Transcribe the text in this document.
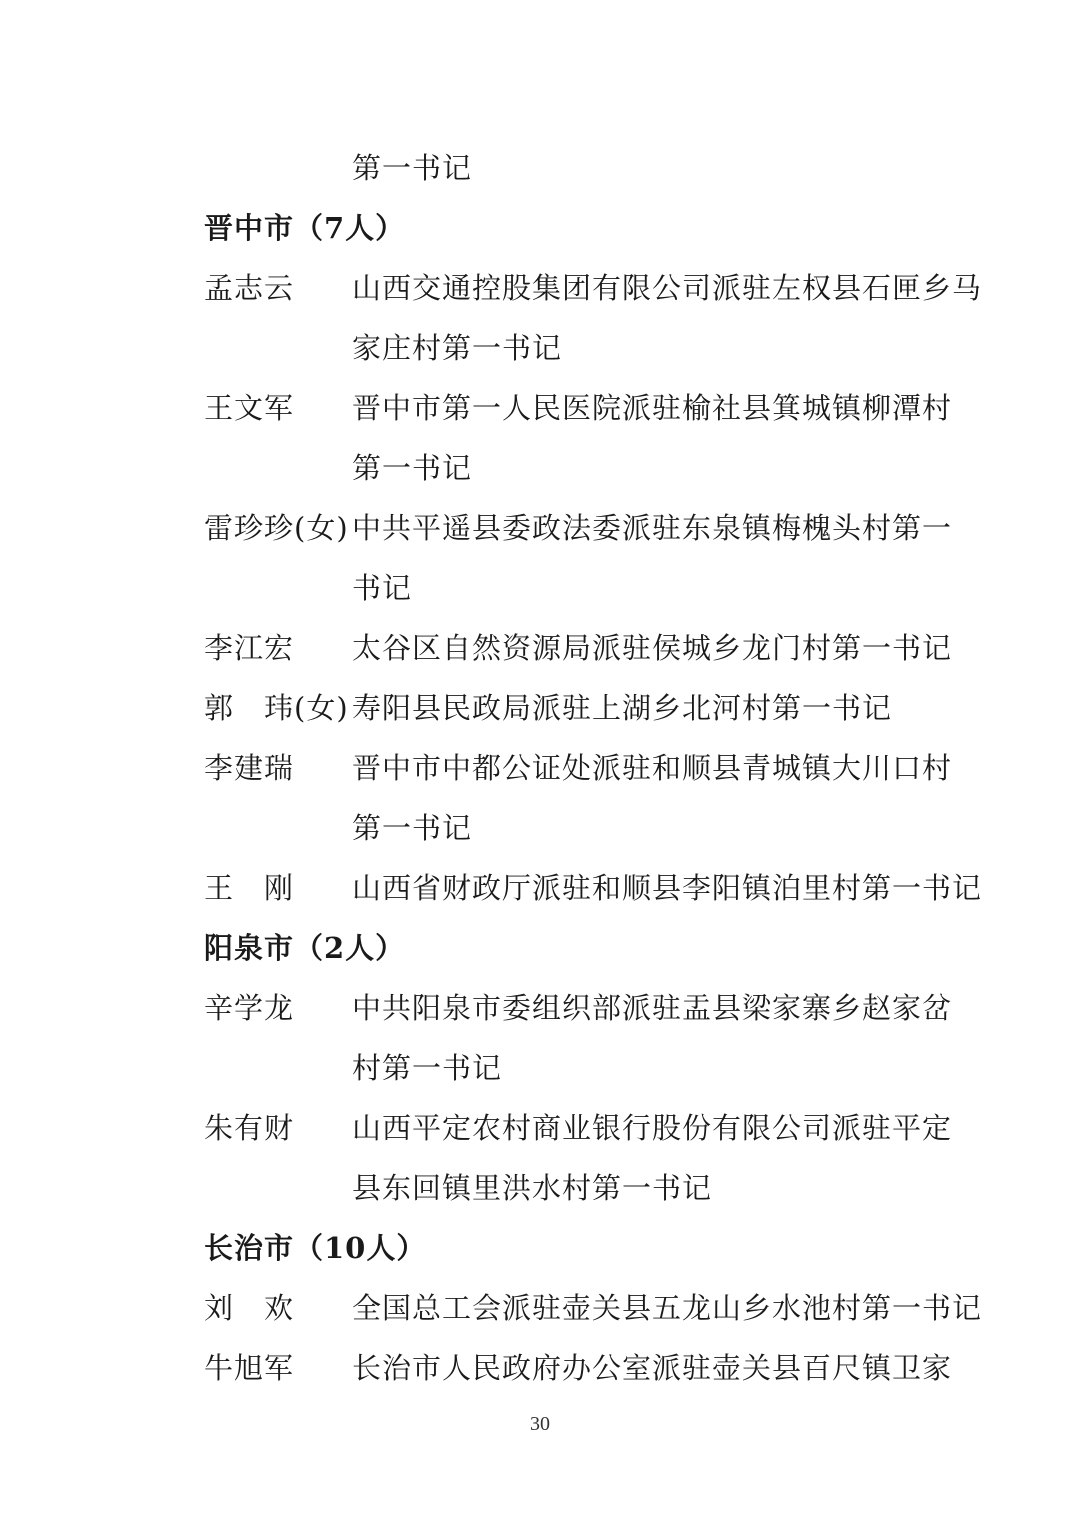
第一书记
晋中市（7人）
孟志云	山西交通控股集团有限公司派驻左权县石匣乡马
家庄村第一书记
王文军	晋中市第一人民医院派驻榆社县箕城镇柳潭村
第一书记
雷珍珍(女) 中共平遥县委政法委派驻东泉镇梅槐头村第一
书记
李江宏	太谷区自然资源局派驻侯城乡龙门村第一书记
郭　玮(女) 寿阳县民政局派驻上湖乡北河村第一书记
李建瑞	晋中市中都公证处派驻和顺县青城镇大川口村
第一书记
王　刚	山西省财政厅派驻和顺县李阳镇泊里村第一书记
阳泉市（2人）
辛学龙	中共阳泉市委组织部派驻盂县梁家寨乡赵家岔
村第一书记
朱有财	山西平定农村商业银行股份有限公司派驻平定
县东回镇里洪水村第一书记
长治市（10人）
刘　欢	全国总工会派驻壶关县五龙山乡水池村第一书记
牛旭军	长治市人民政府办公室派驻壶关县百尺镇卫家
30
